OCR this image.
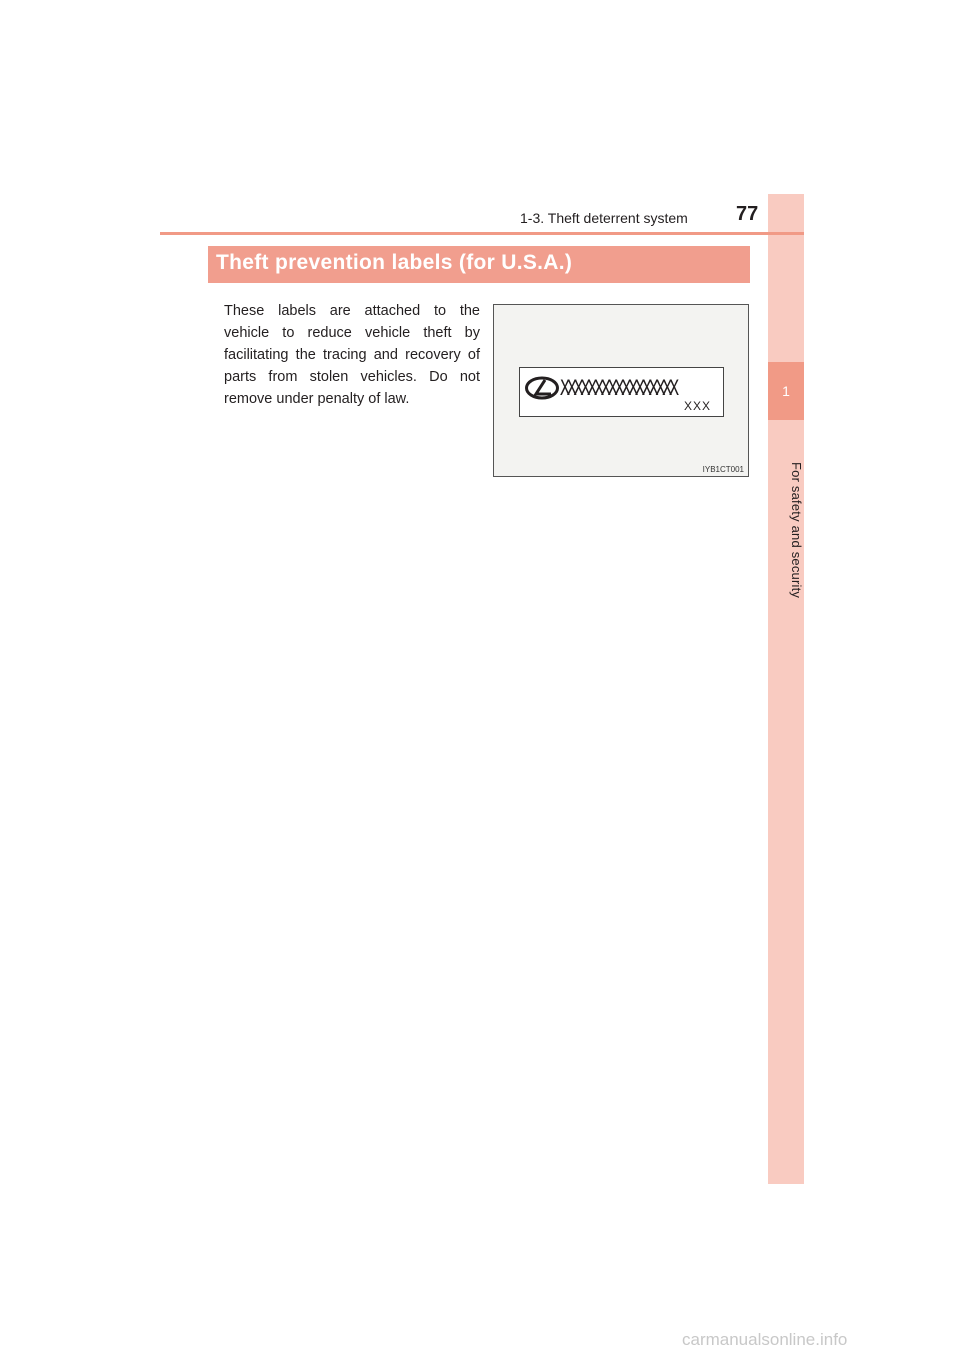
1
For safety and security
1-3. Theft deterrent system 77
Theft prevention labels (for U.S.A.)
These labels are attached to the vehicle to reduce vehicle theft by facilitating the tracing and recovery of parts from stolen vehicles. Do not remove under penalty of law.	XXXXXXXXXXXXXXXXX
XXX
IYB1CT001
carmanualsonline.info
